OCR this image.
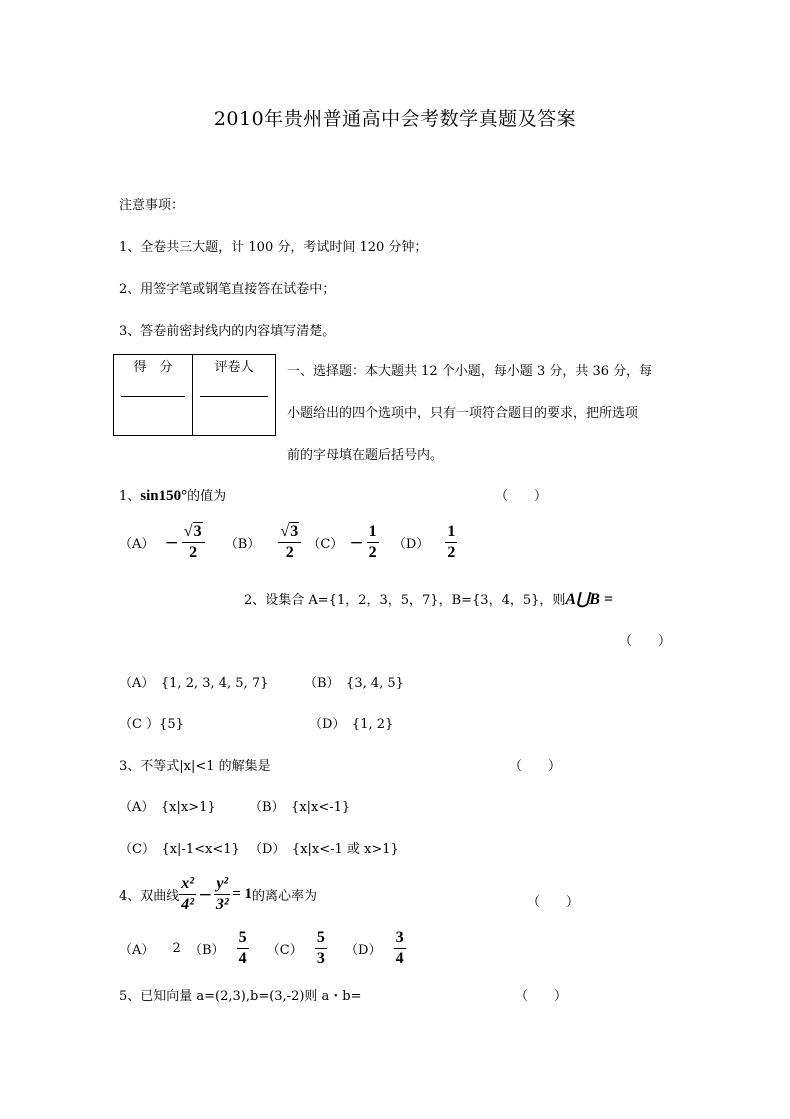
2010年贵州普通高中会考数学真题及答案
注意事项：
1、全卷共三大题，计 100 分，考试时间 120 分钟；
2、用签字笔或钢笔直接答在试卷中；
3、答卷前密封线内的内容填写清楚。
得　分	评卷人	一、选择题：本大题共 12 个小题，每小题 3 分，共 36 分，每
小题给出的四个选项中，只有一项符合题目的要求，把所选项
前的字母填在题后括号内。
1、sin150°的值为	（　　）
$(A) - \frac{√3}{2} (B) \frac{√3}{2} (C) - \frac{1}{2} (D) \frac{1}{2}$
2、设集合 A={1，2，3，5，7}，B={3，4，5}，则A⋃B =
（　　）
（A）　{1, 2, 3, 4, 5, 7}	（B）　{3, 4, 5}
（C ）{5}	（D）　{1, 2}
3、不等式|x|<1 的解集是	（　　）
（A）　{x|x>1}	（B）　{x|x<-1}
（C）　{x|-1<x<1} （D）　{x|x<-1 或 x>1}
4、双曲线 $\frac{\text{x²}}{\text{4²}} - \frac{\text{y²}}{\text{3²}} = 1$的离心率为	（　　）
（A） 2 $(B) \frac{5}{4} (C) \frac{5}{3} (D) \frac{3}{4}$
5、已知向量 a=(2,3),b=(3,-2)则 a・b=	（　　）
